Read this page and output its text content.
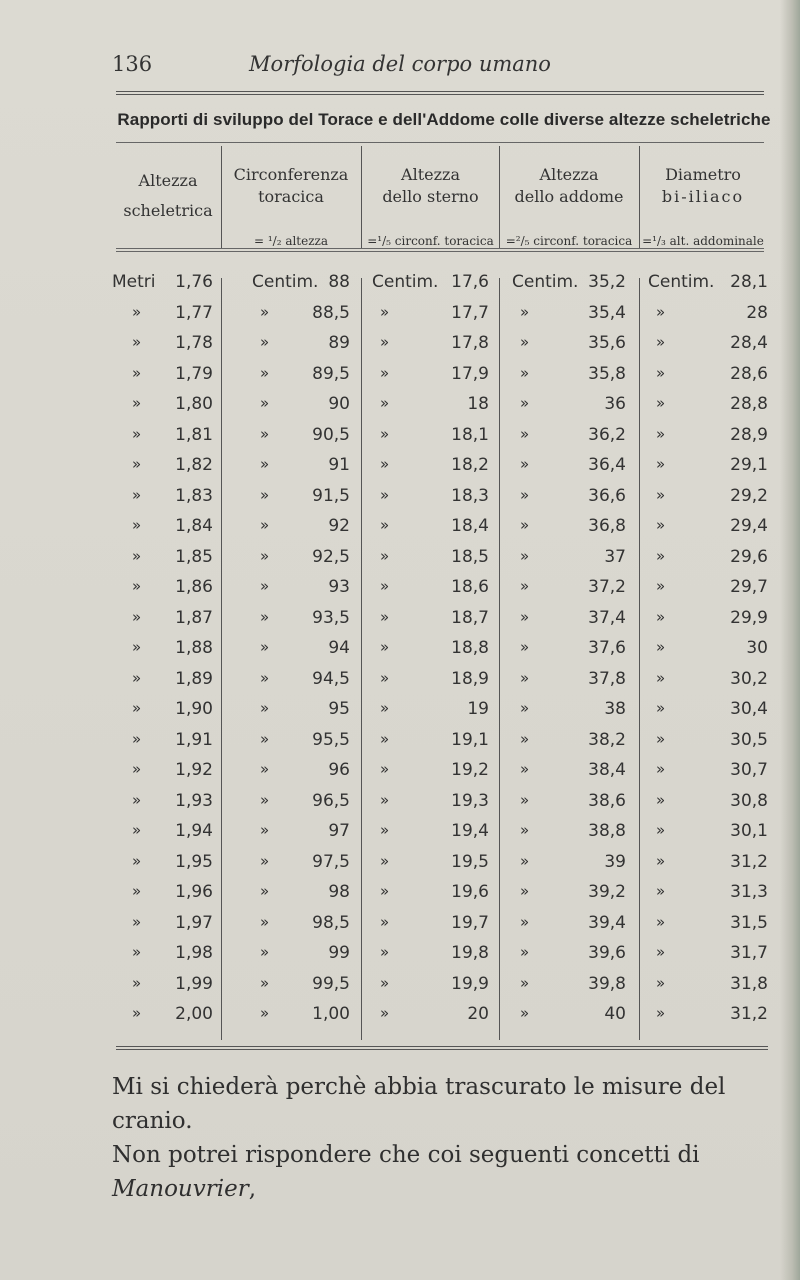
136	Morfologia del corpo umano
Rapporti di sviluppo del Torace e dell'Addome colle diverse altezze scheletriche
Altezza
scheletrica
Circonferenza
toracica
= ¹/₂ altezza
Altezza
dello sterno
=¹/₅ circonf. toracica
Altezza
dello addome
=²/₅ circonf. toracica
Diametro
bi-iliaco
=¹/₃ alt. addominale
Metri 1,76 Centim. 88 Centim. 17,6 Centim. 35,2 Centim. 28,1
» 1,77	»	88,5 »	17,7 »	35,4 »	28
» 1,78	»	89 »	17,8 »	35,6 »	28,4
» 1,79	»	89,5 »	17,9 »	35,8 »	28,6
» 1,80	»	90 »	18 »	36 »	28,8
» 1,81	»	90,5 »	18,1 »	36,2 »	28,9
» 1,82	»	91 »	18,2 »	36,4 »	29,1
» 1,83	»	91,5 »	18,3 »	36,6 »	29,2
» 1,84	»	92 »	18,4 »	36,8 »	29,4
» 1,85	»	92,5 »	18,5 »	37 »	29,6
» 1,86	»	93 »	18,6 »	37,2 »	29,7
» 1,87	»	93,5 »	18,7 »	37,4 »	29,9
» 1,88	»	94 »	18,8 »	37,6 »	30
» 1,89	»	94,5 »	18,9 »	37,8 »	30,2
» 1,90	»	95 »	19 »	38 »	30,4
» 1,91	»	95,5 »	19,1 »	38,2 »	30,5
» 1,92	»	96 »	19,2 »	38,4 »	30,7
» 1,93	»	96,5 »	19,3 »	38,6 »	30,8
» 1,94	»	97 »	19,4 »	38,8 »	30,1
» 1,95	»	97,5 »	19,5 »	39 »	31,2
» 1,96	»	98 »	19,6 »	39,2 »	31,3
» 1,97	»	98,5 »	19,7 »	39,4 »	31,5
» 1,98	»	99 »	19,8 »	39,6 »	31,7
» 1,99	»	99,5 »	19,9 »	39,8 »	31,8
» 2,00	»	1,00 »	20 »	40 »	31,2
Mi si chiederà perchè abbia trascurato le misure del cranio.
Non potrei rispondere che coi seguenti concetti di Manouvrier,
